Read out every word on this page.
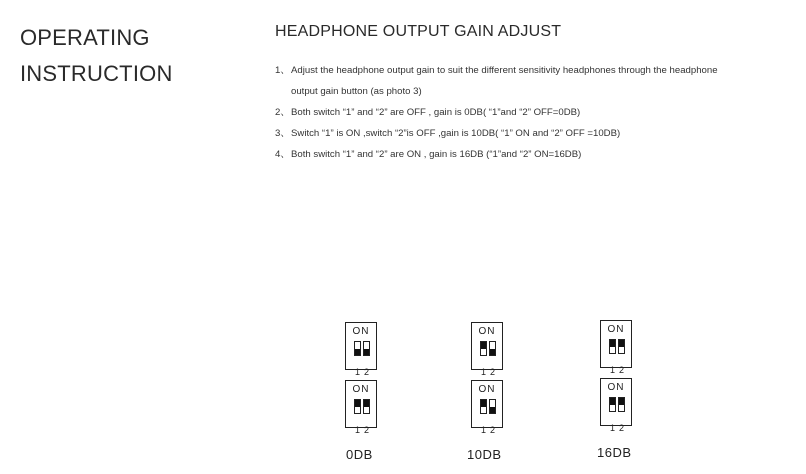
OPERATING
INSTRUCTION
HEADPHONE OUTPUT GAIN ADJUST
1、 Adjust the headphone output gain to suit the different sensitivity headphones through the headphone
output gain button (as photo 3)
2、 Both switch “1” and “2” are OFF , gain is 0DB( “1”and “2” OFF=0DB)
3、 Switch “1” is ON ,switch “2”is OFF ,gain is 10DB( “1” ON and “2” OFF =10DB)
4、 Both switch “1” and “2” are ON , gain is 16DB (“1”and “2” ON=16DB)
ON
1 2
ON
1 2
0DB
ON
1 2
ON
1 2
10DB
ON
1 2
ON
1 2
16DB
